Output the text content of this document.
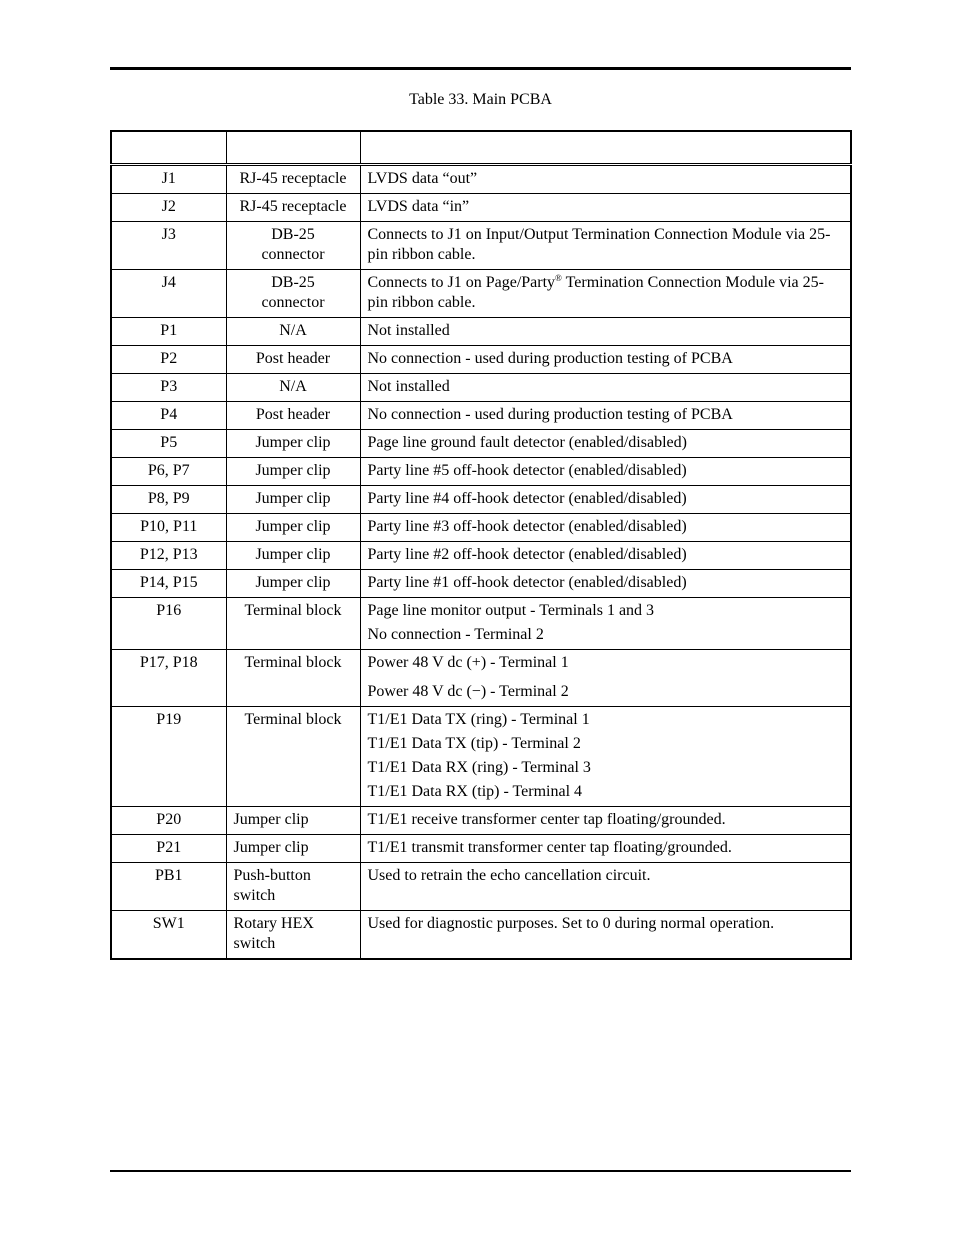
Table 33. Main PCBA

J1	RJ-45 receptacle	LVDS data “out”
J2	RJ-45 receptacle	LVDS data “in”
J3	DB-25 connector	Connects to J1 on Input/Output Termination Connection Module via 25-pin ribbon cable.
J4	DB-25 connector	Connects to J1 on Page/Party® Termination Connection Module via 25-pin ribbon cable.
P1	N/A	Not installed
P2	Post header	No connection - used during production testing of PCBA
P3	N/A	Not installed
P4	Post header	No connection - used during production testing of PCBA
P5	Jumper clip	Page line ground fault detector (enabled/disabled)
P6, P7	Jumper clip	Party line #5 off-hook detector (enabled/disabled)
P8, P9	Jumper clip	Party line #4 off-hook detector (enabled/disabled)
P10, P11	Jumper clip	Party line #3 off-hook detector (enabled/disabled)
P12, P13	Jumper clip	Party line #2 off-hook detector (enabled/disabled)
P14, P15	Jumper clip	Party line #1 off-hook detector (enabled/disabled)
P16	Terminal block	Page line monitor output - Terminals 1 and 3
No connection - Terminal 2

P17, P18	Terminal block	Power 48 V dc (+) - Terminal 1
Power 48 V dc (−) - Terminal 2

P19	Terminal block	T1/E1 Data TX (ring) - Terminal 1
T1/E1 Data TX (tip) - Terminal 2
T1/E1 Data RX (ring) - Terminal 3
T1/E1 Data RX (tip) - Terminal 4

P20	Jumper clip	T1/E1 receive transformer center tap floating/grounded.
P21	Jumper clip	T1/E1 transmit transformer center tap floating/grounded.
PB1	Push-button switch	Used to retrain the echo cancellation circuit.
SW1	Rotary HEX switch	Used for diagnostic purposes. Set to 0 during normal operation.
